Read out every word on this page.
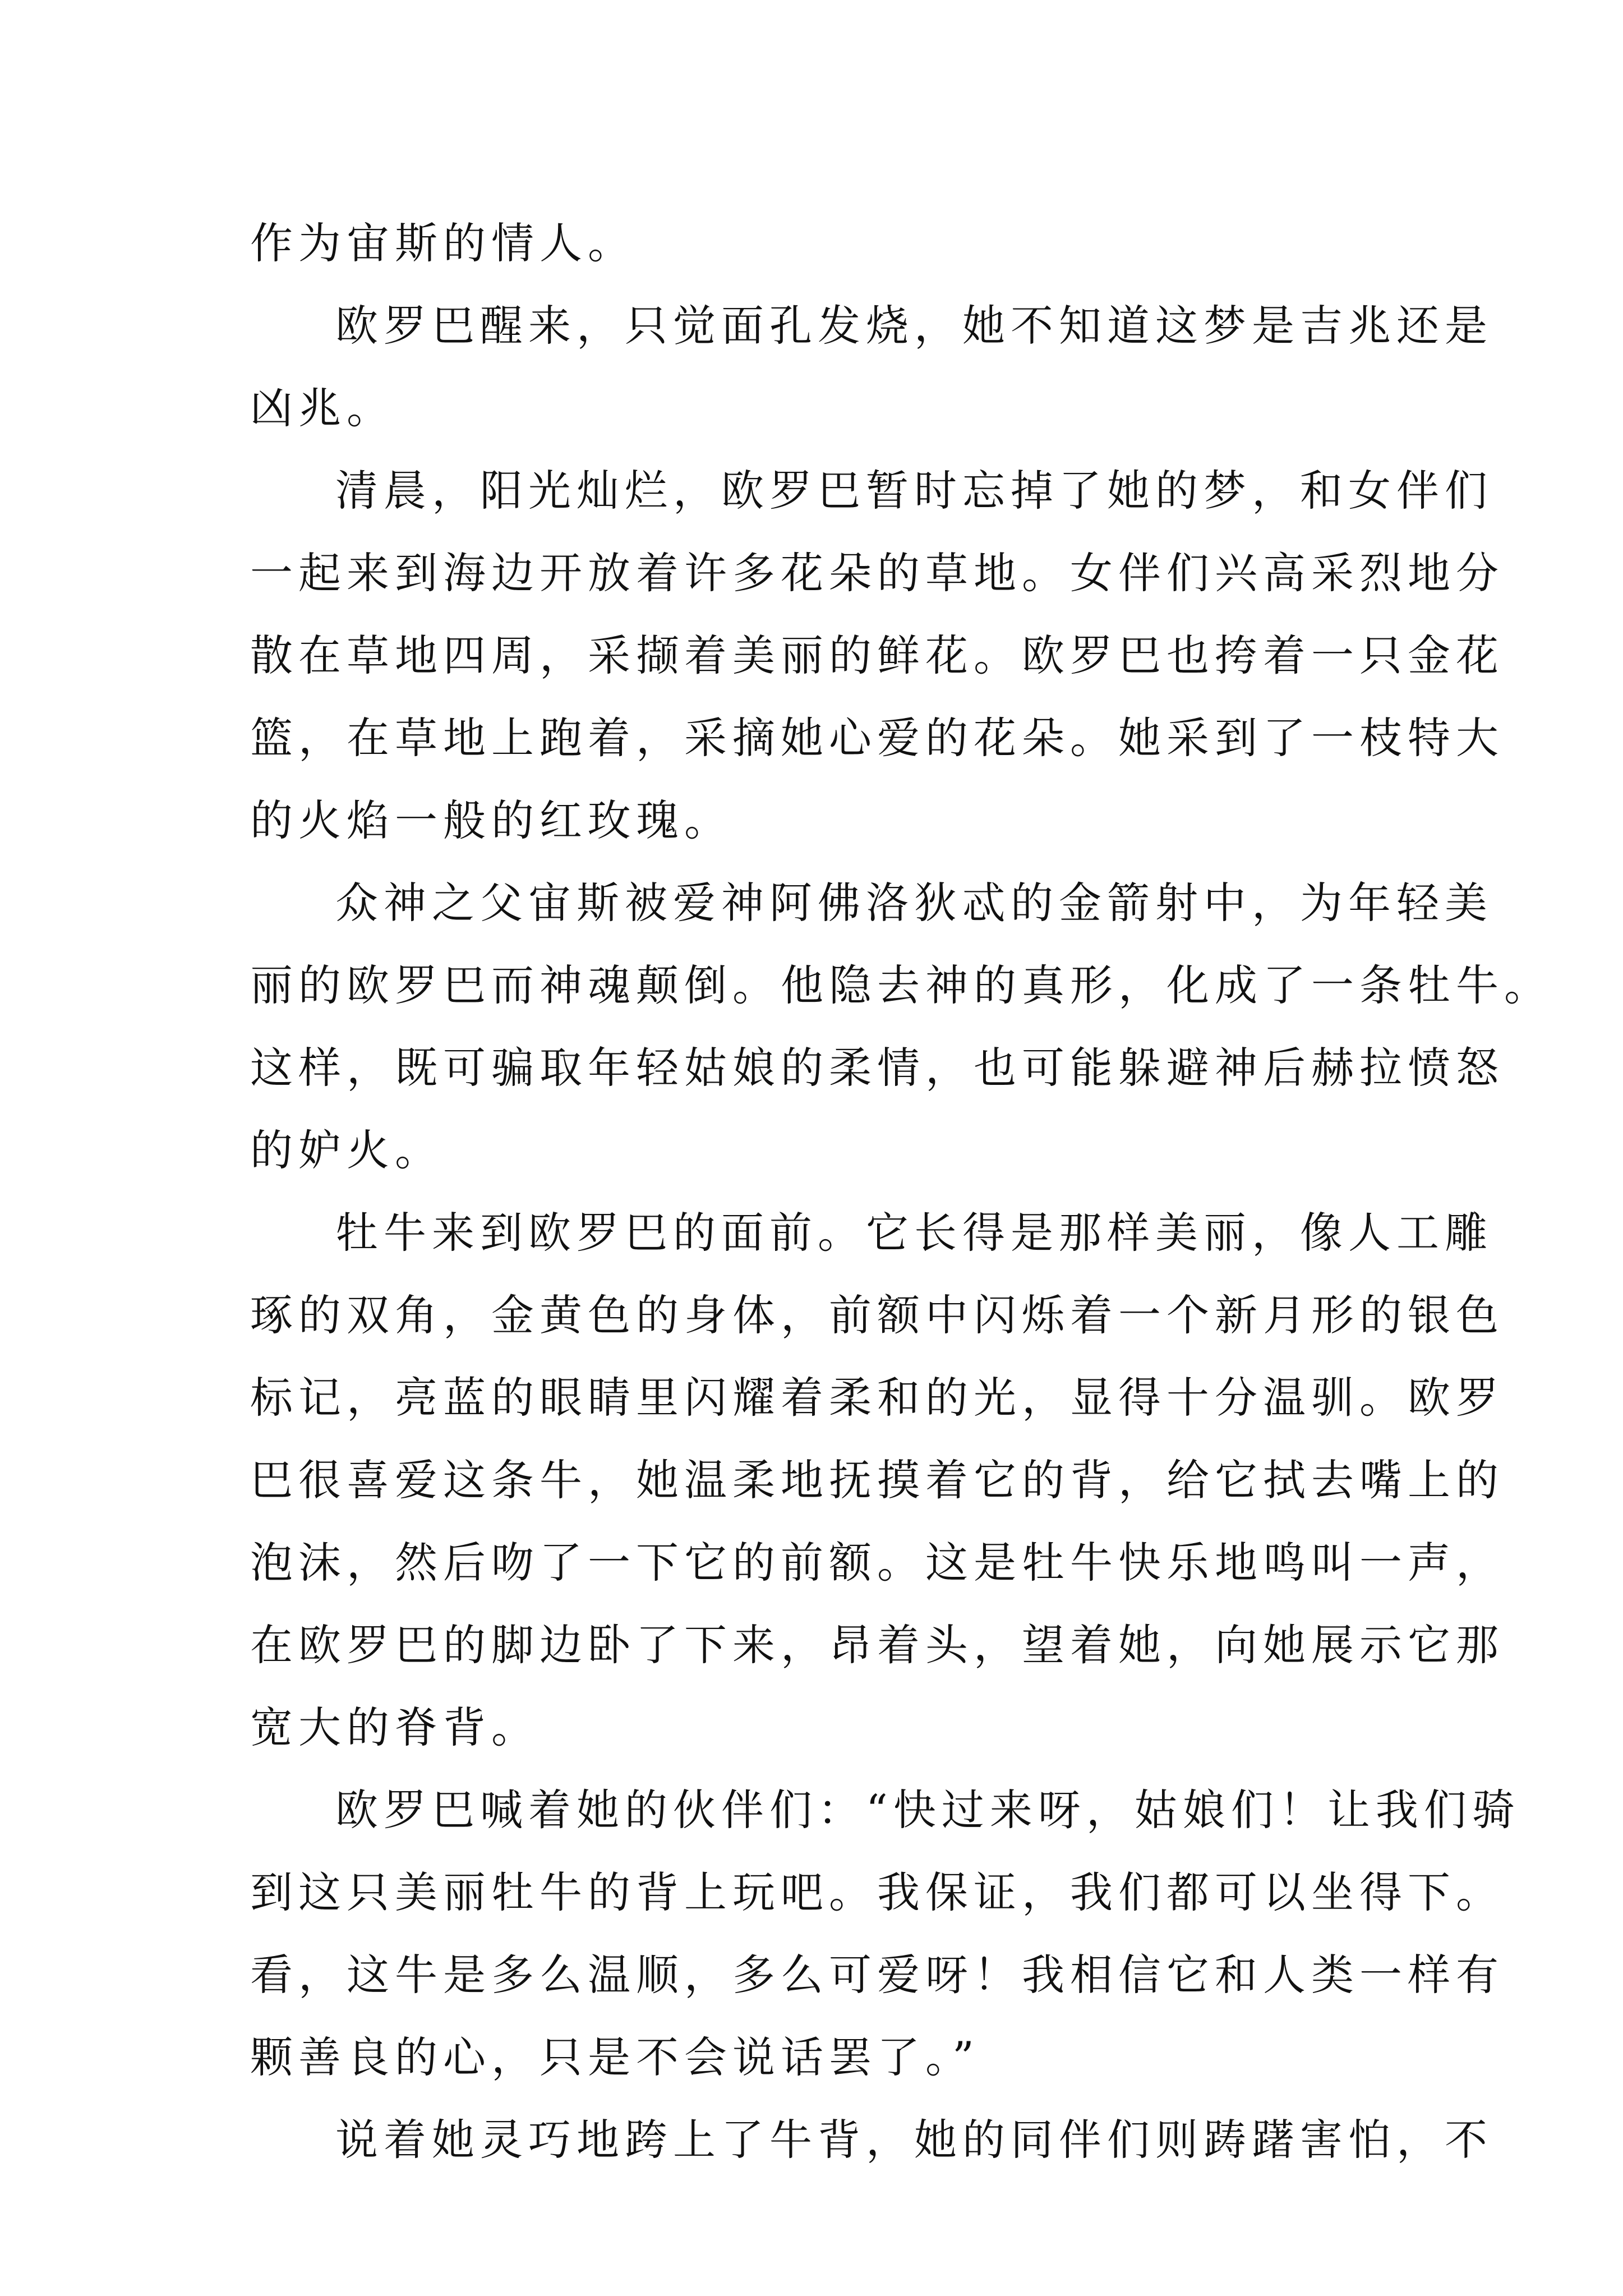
作为宙斯的情人。
欧罗巴醒来，只觉面孔发烧，她不知道这梦是吉兆还是
凶兆。
清晨，阳光灿烂，欧罗巴暂时忘掉了她的梦，和女伴们
一起来到海边开放着许多花朵的草地。女伴们兴高采烈地分
散在草地四周，采撷着美丽的鲜花。欧罗巴也挎着一只金花
篮，在草地上跑着，采摘她心爱的花朵。她采到了一枝特大
的火焰一般的红玫瑰。
众神之父宙斯被爱神阿佛洛狄忒的金箭射中，为年轻美
丽的欧罗巴而神魂颠倒。他隐去神的真形，化成了一条牡牛。
这样，既可骗取年轻姑娘的柔情，也可能躲避神后赫拉愤怒
的妒火。
牡牛来到欧罗巴的面前。它长得是那样美丽，像人工雕
琢的双角，金黄色的身体，前额中闪烁着一个新月形的银色
标记，亮蓝的眼睛里闪耀着柔和的光，显得十分温驯。欧罗
巴很喜爱这条牛，她温柔地抚摸着它的背，给它拭去嘴上的
泡沫，然后吻了一下它的前额。这是牡牛快乐地鸣叫一声，
在欧罗巴的脚边卧了下来，昂着头，望着她，向她展示它那
宽大的脊背。
欧罗巴喊着她的伙伴们：“快过来呀，姑娘们！让我们骑
到这只美丽牡牛的背上玩吧。我保证，我们都可以坐得下。
看，这牛是多么温顺，多么可爱呀！我相信它和人类一样有
颗善良的心，只是不会说话罢了。”
说着她灵巧地跨上了牛背，她的同伴们则踌躇害怕，不
